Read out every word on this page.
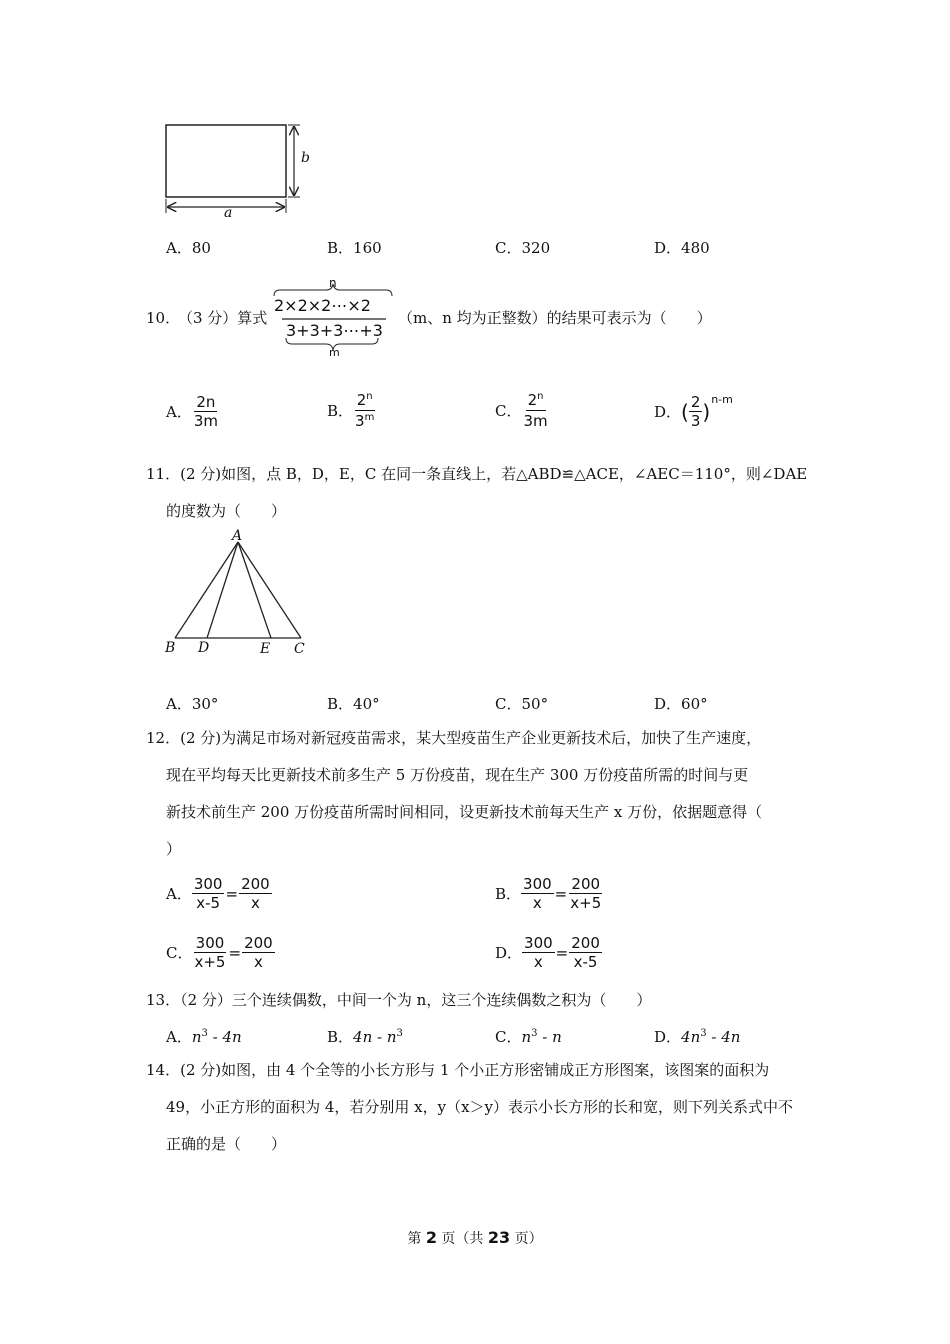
a
b
A．80	B．160	C．320	D．480
10．
（3 分）算式
n
2×2×2⋯×2
3+3+3⋯+3
m
（m、n 均为正整数）的结果可表示为（　　）
A． $\frac{2n}{3m}$	B． $\frac{2^n}{3^m}$	C． $\frac{2^n}{3m}$	D． ( $\frac{2}{3}$ ) n-m
11．(2 分)如图，点 B，D，E，C 在同一条直线上，若△ABD≌△ACE，∠AEC＝110°，则∠DAE
的度数为（　　）
A
B D	E C
A．30°	B．40°	C．50°	D．60°
12．(2 分)为满足市场对新冠疫苗需求，某大型疫苗生产企业更新技术后，加快了生产速度，
现在平均每天比更新技术前多生产 5 万份疫苗，现在生产 300 万份疫苗所需的时间与更
新技术前生产 200 万份疫苗所需时间相同，设更新技术前每天生产 x 万份，依据题意得（
）
A． $\frac{300}{x-5} = \frac{200}{x}$	B． $\frac{300}{x} = \frac{200}{x+5}$
C． $\frac{300}{x+5} = \frac{200}{x}$	D． $\frac{300}{x} = \frac{200}{x-5}$
13．（2 分）三个连续偶数，中间一个为 n，这三个连续偶数之积为（　　）
A．$n^3 - 4n$	B．$4n - n^3$	C．$n^3$ - n	D．$4n^3 - 4n$
14．(2 分)如图，由 4 个全等的小长方形与 1 个小正方形密铺成正方形图案，该图案的面积为
49，小正方形的面积为 4，若分别用 x，y（x＞y）表示小长方形的长和宽，则下列关系式中不
正确的是（　　）
第 2 页（共 23 页）
